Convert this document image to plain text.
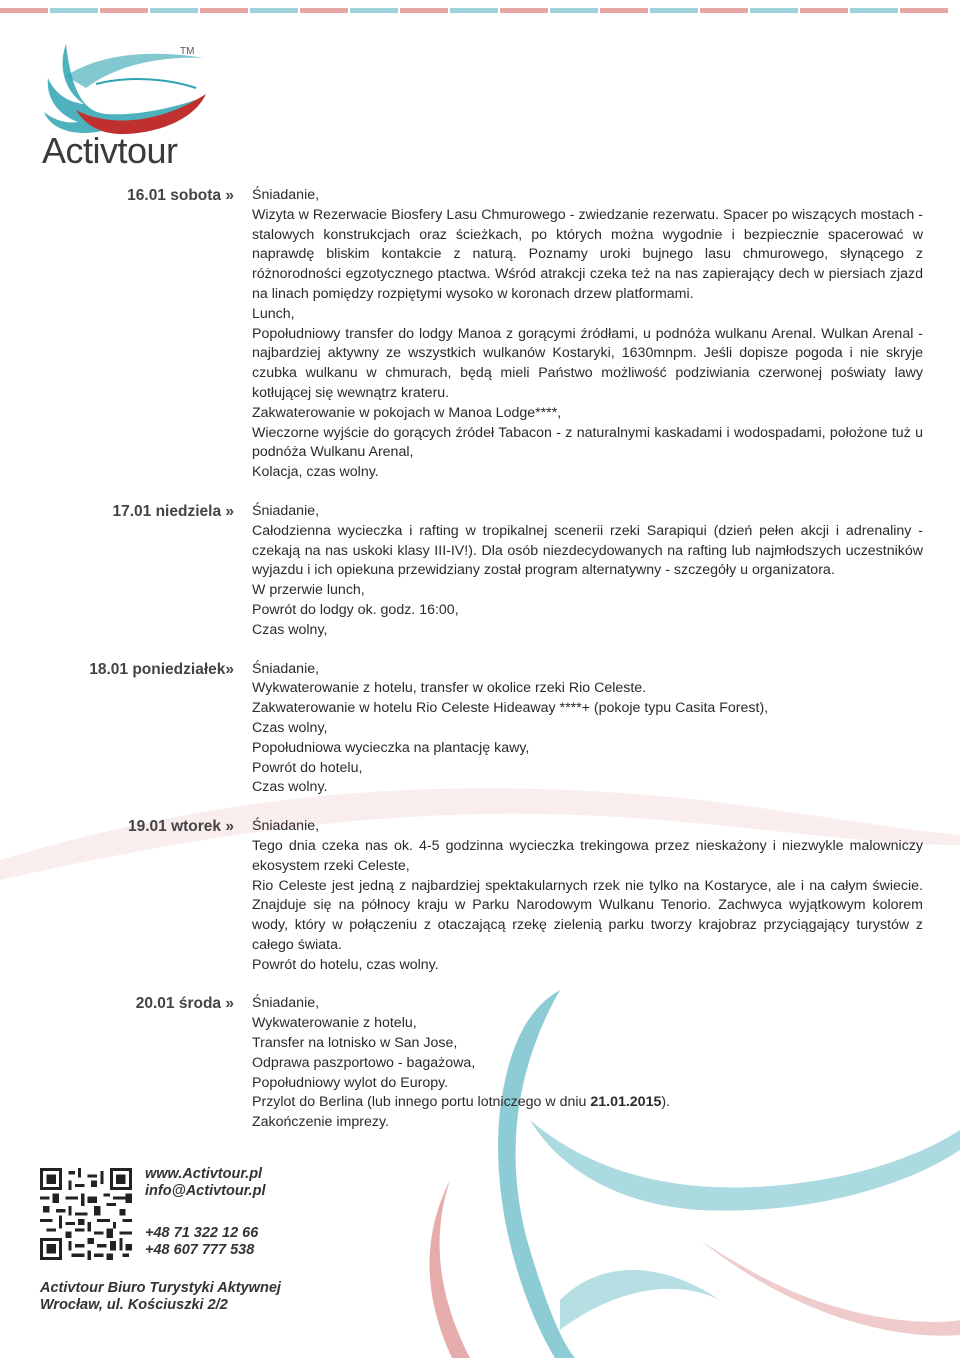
TM
Activtour
16.01 sobota » Śniadanie,

Wizyta w Rezerwacie Biosfery Lasu Chmurowego - zwiedzanie rezerwatu. Spacer po wiszących mostach - stalowych konstrukcjach oraz ścieżkach, po których można wygodnie i bezpiecznie spacerować w naprawdę bliskim kontakcie z naturą. Poznamy uroki bujnego lasu chmurowego, słynącego z różnorodności egzotycznego ptactwa. Wśród atrakcji czeka też na nas zapierający dech w piersiach zjazd na linach pomiędzy rozpiętymi wysoko w koronach drzew platformami.

Lunch,

Popołudniowy transfer do lodgy Manoa z gorącymi źródłami, u podnóża wulkanu Arenal. Wulkan Arenal - najbardziej aktywny ze wszystkich wulkanów Kostaryki, 1630mnpm. Jeśli dopisze pogoda i nie skryje czubka wulkanu w chmurach, będą mieli Państwo możliwość podziwiania czerwonej poświaty lawy kotłującej się wewnątrz krateru.

Zakwaterowanie w pokojach w Manoa Lodge****,

Wieczorne wyjście do gorących źródeł Tabacon - z naturalnymi kaskadami i wodospadami, położone tuż u podnóża Wulkanu Arenal,

Kolacja, czas wolny.

17.01 niedziela » Śniadanie,

Całodzienna wycieczka i rafting w tropikalnej scenerii rzeki Sarapiqui (dzień pełen akcji i adrenaliny - czekają na nas uskoki klasy III-IV!). Dla osób niezdecydowanych na rafting lub najmłodszych uczestników wyjazdu i ich opiekuna przewidziany został program alternatywny - szczegóły u organizatora.

W przerwie lunch,

Powrót do lodgy ok. godz. 16:00,

Czas wolny,

18.01 poniedziałek» Śniadanie,

Wykwaterowanie z hotelu, transfer w okolice rzeki Rio Celeste.

Zakwaterowanie w hotelu Rio Celeste Hideaway ****+ (pokoje typu Casita Forest),

Czas wolny,

Popołudniowa wycieczka na plantację kawy,

Powrót do hotelu,

Czas wolny.

19.01 wtorek » Śniadanie,

Tego dnia czeka nas ok. 4-5 godzinna wycieczka trekingowa przez nieskażony i niezwykle malowniczy ekosystem rzeki Celeste,

Rio Celeste jest jedną z najbardziej spektakularnych rzek nie tylko na Kostaryce, ale i na całym świecie. Znajduje się na północy kraju w Parku Narodowym Wulkanu Tenorio. Zachwyca wyjątkowym kolorem wody, który w połączeniu z otaczającą rzekę zielenią parku tworzy krajobraz przyciągający turystów z całego świata.

Powrót do hotelu, czas wolny.

20.01 środa » Śniadanie,

Wykwaterowanie z hotelu,

Transfer na lotnisko w San Jose,

Odprawa paszportowo - bagażowa,

Popołudniowy wylot do Europy.

Przylot do Berlina (lub innego portu lotniczego w dniu 21.01.2015).

Zakończenie imprezy.

www.Activtour.pl
info@Activtour.pl
+48 71 322 12 66
+48 607 777 538
Activtour Biuro Turystyki Aktywnej
Wrocław, ul. Kościuszki 2/2
